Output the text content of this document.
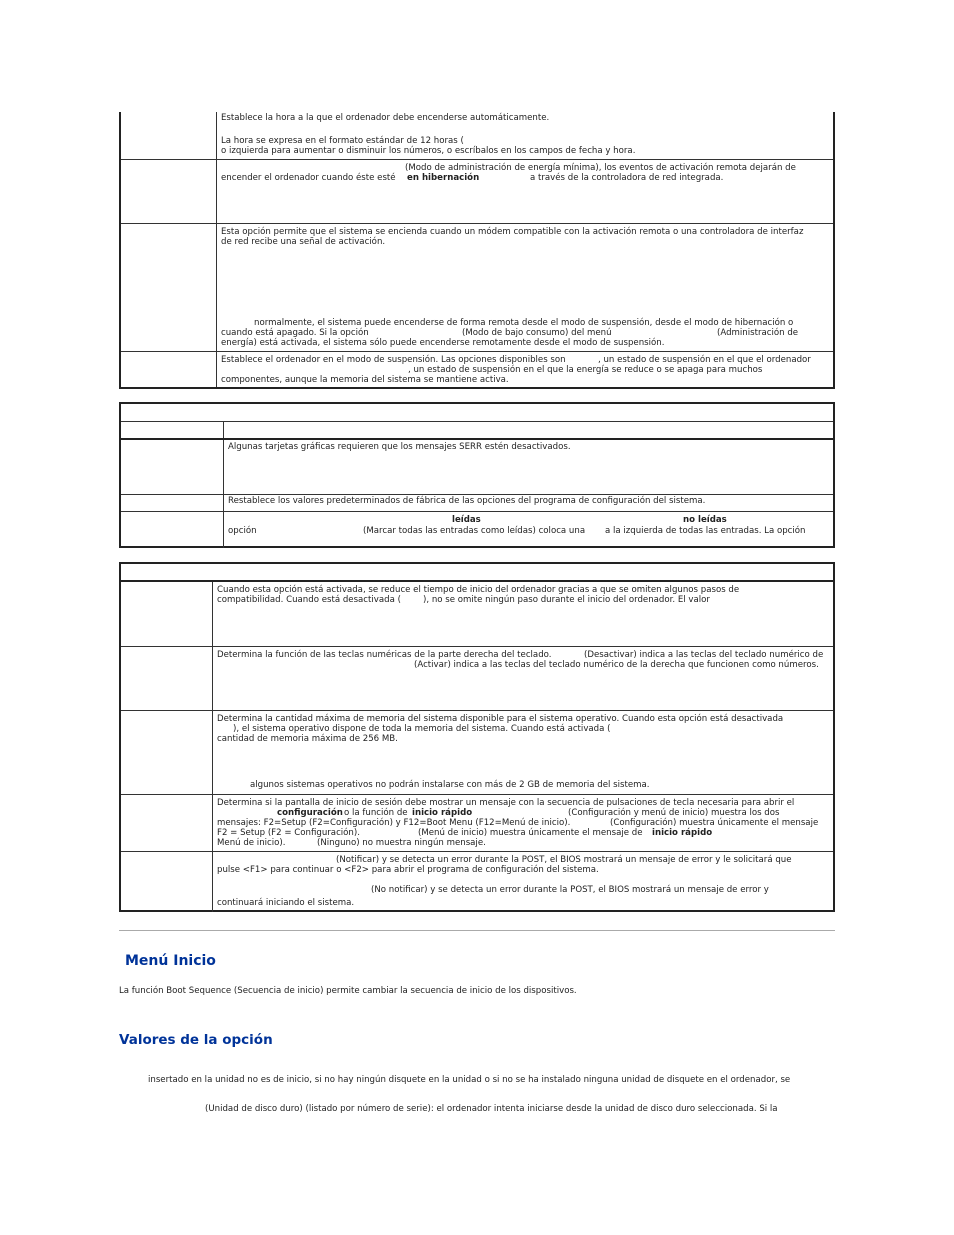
Establece la hora a la que el ordenador debe encenderse automáticamente.
La hora se expresa en el formato estándar de 12 horas (
o izquierda para aumentar o disminuir los números, o escríbalos en los campos de fecha y hora.
(Modo de administración de energía mínima), los eventos de activación remota dejarán de
encender el ordenador cuando éste esté en hibernación	a través de la controladora de red integrada.
Esta opción permite que el sistema se encienda cuando un módem compatible con la activación remota o una controladora de interfaz
de red recibe una señal de activación.
normalmente, el sistema puede encenderse de forma remota desde el modo de suspensión, desde el modo de hibernación o
cuando está apagado. Si la opción	(Modo de bajo consumo) del menú	(Administración de
energía) está activada, el sistema sólo puede encenderse remotamente desde el modo de suspensión.
Establece el ordenador en el modo de suspensión. Las opciones disponibles son	, un estado de suspensión en el que el ordenador
, un estado de suspensión en el que la energía se reduce o se apaga para muchos
componentes, aunque la memoria del sistema se mantiene activa.
Algunas tarjetas gráficas requieren que los mensajes SERR estén desactivados.
Restablece los valores predeterminados de fábrica de las opciones del programa de configuración del sistema.
leídas	no leídas
opción	(Marcar todas las entradas como leídas) coloca una a la izquierda de todas las entradas. La opción
Cuando esta opción está activada, se reduce el tiempo de inicio del ordenador gracias a que se omiten algunos pasos de
compatibilidad. Cuando está desactivada (	), no se omite ningún paso durante el inicio del ordenador. El valor
Determina la función de las teclas numéricas de la parte derecha del teclado.	(Desactivar) indica a las teclas del teclado numérico de
(Activar) indica a las teclas del teclado numérico de la derecha que funcionen como números.
Determina la cantidad máxima de memoria del sistema disponible para el sistema operativo. Cuando esta opción está desactivada
), el sistema operativo dispone de toda la memoria del sistema. Cuando está activada (
cantidad de memoria máxima de 256 MB.
algunos sistemas operativos no podrán instalarse con más de 2 GB de memoria del sistema.
Determina si la pantalla de inicio de sesión debe mostrar un mensaje con la secuencia de pulsaciones de tecla necesaria para abrir el
configuración o la función de inicio rápido	(Configuración y menú de inicio) muestra los dos
mensajes: F2=Setup (F2=Configuración) y F12=Boot Menu (F12=Menú de inicio).	(Configuración) muestra únicamente el mensaje
F2 = Setup (F2 = Configuración).	(Menú de inicio) muestra únicamente el mensaje de inicio rápido
Menú de inicio).	(Ninguno) no muestra ningún mensaje.
(Notificar) y se detecta un error durante la POST, el BIOS mostrará un mensaje de error y le solicitará que
pulse <F1> para continuar o <F2> para abrir el programa de configuración del sistema.
(No notificar) y se detecta un error durante la POST, el BIOS mostrará un mensaje de error y
continuará iniciando el sistema.
Menú Inicio
La función Boot Sequence (Secuencia de inicio) permite cambiar la secuencia de inicio de los dispositivos.
Valores de la opción
insertado en la unidad no es de inicio, si no hay ningún disquete en la unidad o si no se ha instalado ninguna unidad de disquete en el ordenador, se
(Unidad de disco duro) (listado por número de serie): el ordenador intenta iniciarse desde la unidad de disco duro seleccionada. Si la
